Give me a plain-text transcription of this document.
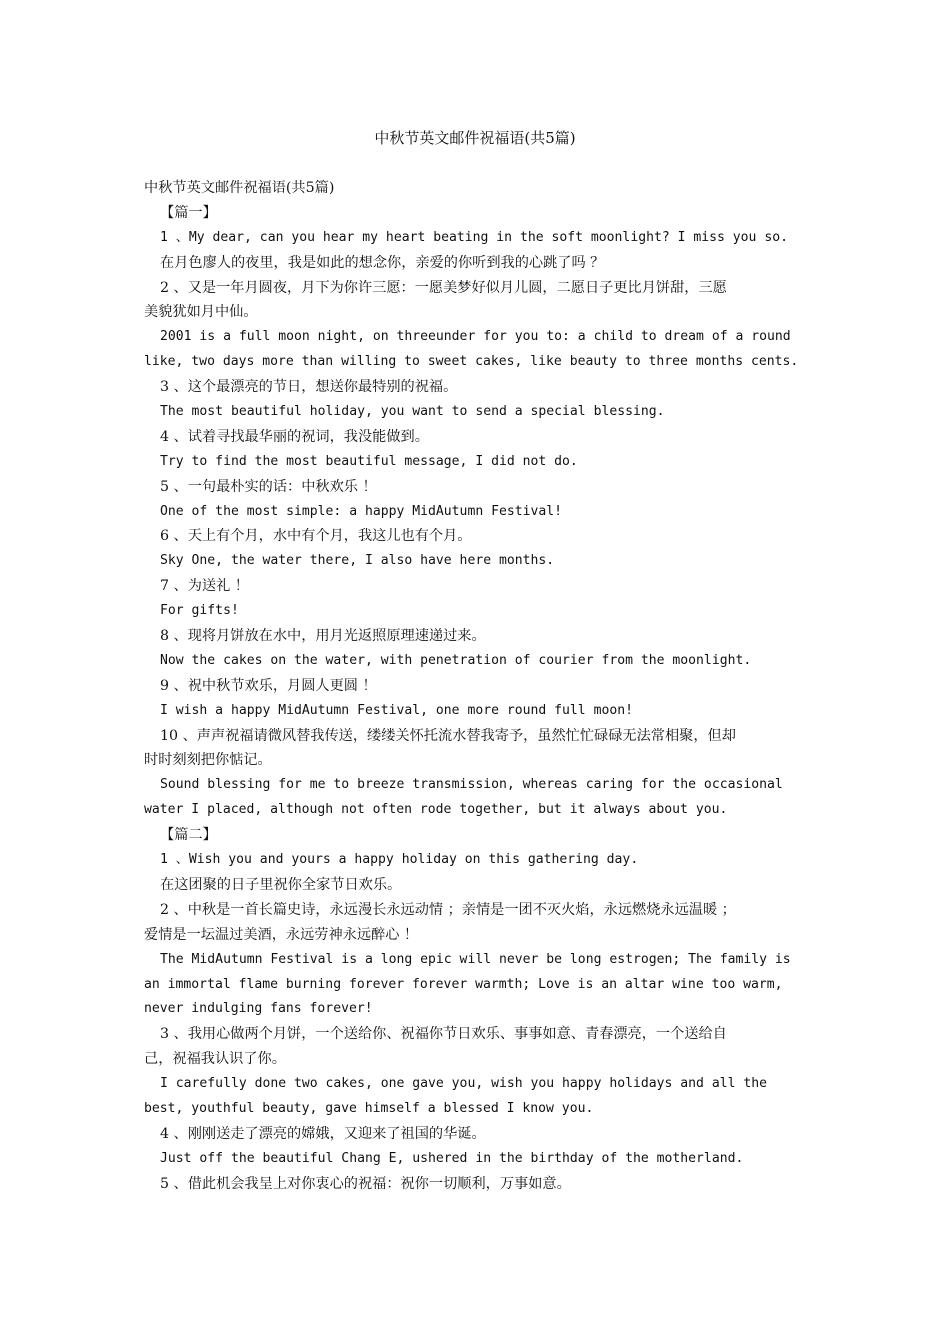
中秋节英文邮件祝福语(共5篇)
中秋节英文邮件祝福语(共5篇)
【篇一】
1 、My dear, can you hear my heart beating in the soft moonlight? I miss you so.
在月色廖人的夜里，我是如此的想念你，亲爱的你听到我的心跳了吗 ？
2 、又是一年月圆夜，月下为你许三愿：一愿美梦好似月儿圆，二愿日子更比月饼甜，三愿
美貌犹如月中仙。
2001 is a full moon night, on threeunder for you to: a child to dream of a round
like, two days more than willing to sweet cakes, like beauty to three months cents.
3 、这个最漂亮的节日，想送你最特别的祝福。
The most beautiful holiday, you want to send a special blessing.
4 、试着寻找最华丽的祝词，我没能做到。
Try to find the most beautiful message, I did not do.
5 、一句最朴实的话：中秋欢乐 ！
One of the most simple: a happy MidAutumn Festival!
6 、天上有个月，水中有个月，我这儿也有个月。
Sky One, the water there, I also have here months.
7 、为送礼 ！
For gifts!
8 、现将月饼放在水中，用月光返照原理速递过来。
Now the cakes on the water, with penetration of courier from the moonlight.
9 、祝中秋节欢乐，月圆人更圆 ！
I wish a happy MidAutumn Festival, one more round full moon!
10 、声声祝福请微风替我传送，缕缕关怀托流水替我寄予，虽然忙忙碌碌无法常相聚，但却
时时刻刻把你惦记。
Sound blessing for me to breeze transmission, whereas caring for the occasional
water I placed, although not often rode together, but it always about you.
【篇二】
1 、Wish you and yours a happy holiday on this gathering day.
在这团聚的日子里祝你全家节日欢乐。
2 、中秋是一首长篇史诗，永远漫长永远动情 ；亲情是一团不灭火焰，永远燃烧永远温暖 ；
爱情是一坛温过美酒，永远劳神永远醉心 ！
The MidAutumn Festival is a long epic will never be long estrogen; The family is
an immortal flame burning forever forever warmth; Love is an altar wine too warm,
never indulging fans forever!
3 、我用心做两个月饼，一个送给你、祝福你节日欢乐、事事如意、青春漂亮，一个送给自
己，祝福我认识了你。
I carefully done two cakes, one gave you, wish you happy holidays and all the
best, youthful beauty, gave himself a blessed I know you.
4 、刚刚送走了漂亮的嫦娥，又迎来了祖国的华诞。
Just off the beautiful Chang E, ushered in the birthday of the motherland.
5 、借此机会我呈上对你衷心的祝福：祝你一切顺利，万事如意。
